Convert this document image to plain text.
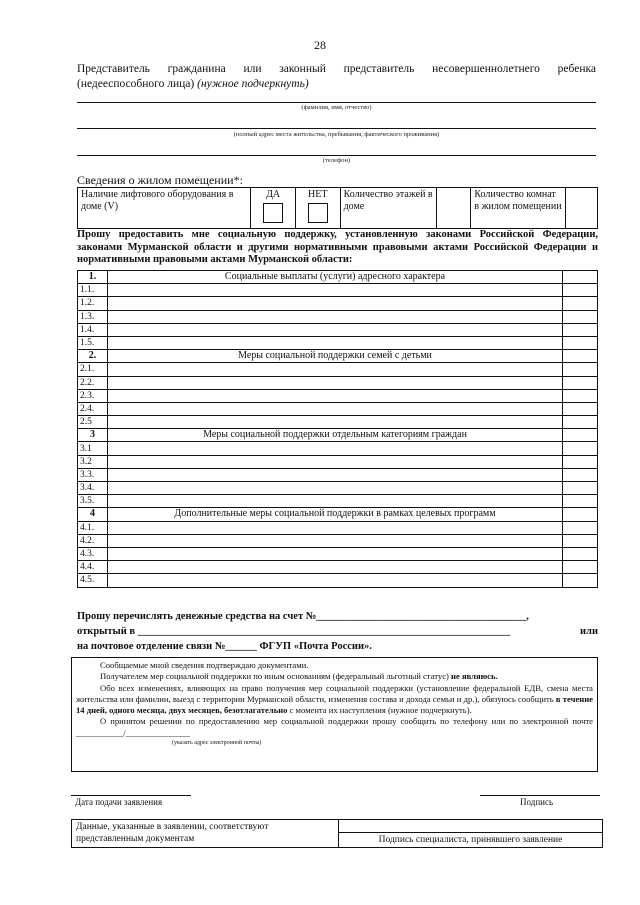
28
Представитель гражданина или законный представитель несовершеннолетнего ребенка (недееспособного лица) (нужное подчеркнуть)
(фамилия, имя, отчество)
(полный адрес места жительства, пребывания, фактического проживания)
(телефон)
Сведения о жилом помещении*:
Наличие лифтового оборудования в доме (V)	
ДА	НЕТ	Количество этажей в доме		Количество комнат в жилом помещении	
Прошу предоставить мне социальную поддержку, установленную законами Российской Федерации, законами Мурманской области и другими нормативными правовыми актами Российской Федерации и нормативными правовыми актами Мурманской области:
1.	Социальные выплаты (услуги) адресного характера	
1.1.		
1.2.		
1.3.		
1.4.		
1.5.		
2.	Меры социальной поддержки семей с детьми	
2.1.		
2.2.		
2.3.		
2.4.		
2.5		
3	Меры социальной поддержки отдельным категориям граждан	
3.1		
3.2		
3.3.		
3.4.		
3.5.		
4	Дополнительные меры социальной поддержки в рамках целевых программ	
4.1.		
4.2.		
4.3.		
4.4.		
4.5.		
Прошу перечислять денежные средства на счет №________________________________________,
или
открытый в _______________________________________________________________________
на почтовое отделение связи №______ ФГУП «Почта России».

Сообщаемые мной сведения подтверждаю документами.

Получателем мер социальной поддержки по иным основаниям (федеральный льготный статус) не являюсь.

Обо всех изменениях, влияющих на право получения мер социальной поддержки (установление федеральной ЕДВ, смена места жительства или фамилии, выезд с территории Мурманской области, изменения состава и дохода семьи и др.), обязуюсь сообщить в течение 14 дней, одного месяца, двух месяцев, безотлагательно с момента их наступления (нужное подчеркнуть).

О принятом решении по предоставлению мер социальной поддержки прошу сообщить по телефону или по электронной почте ___________/_______________

(указать адрес электронной почты)
Дата подачи заявления	Подпись
Данные, указанные в заявлении, соответствуют представленным документам	
Подпись специалиста, принявшего заявление
